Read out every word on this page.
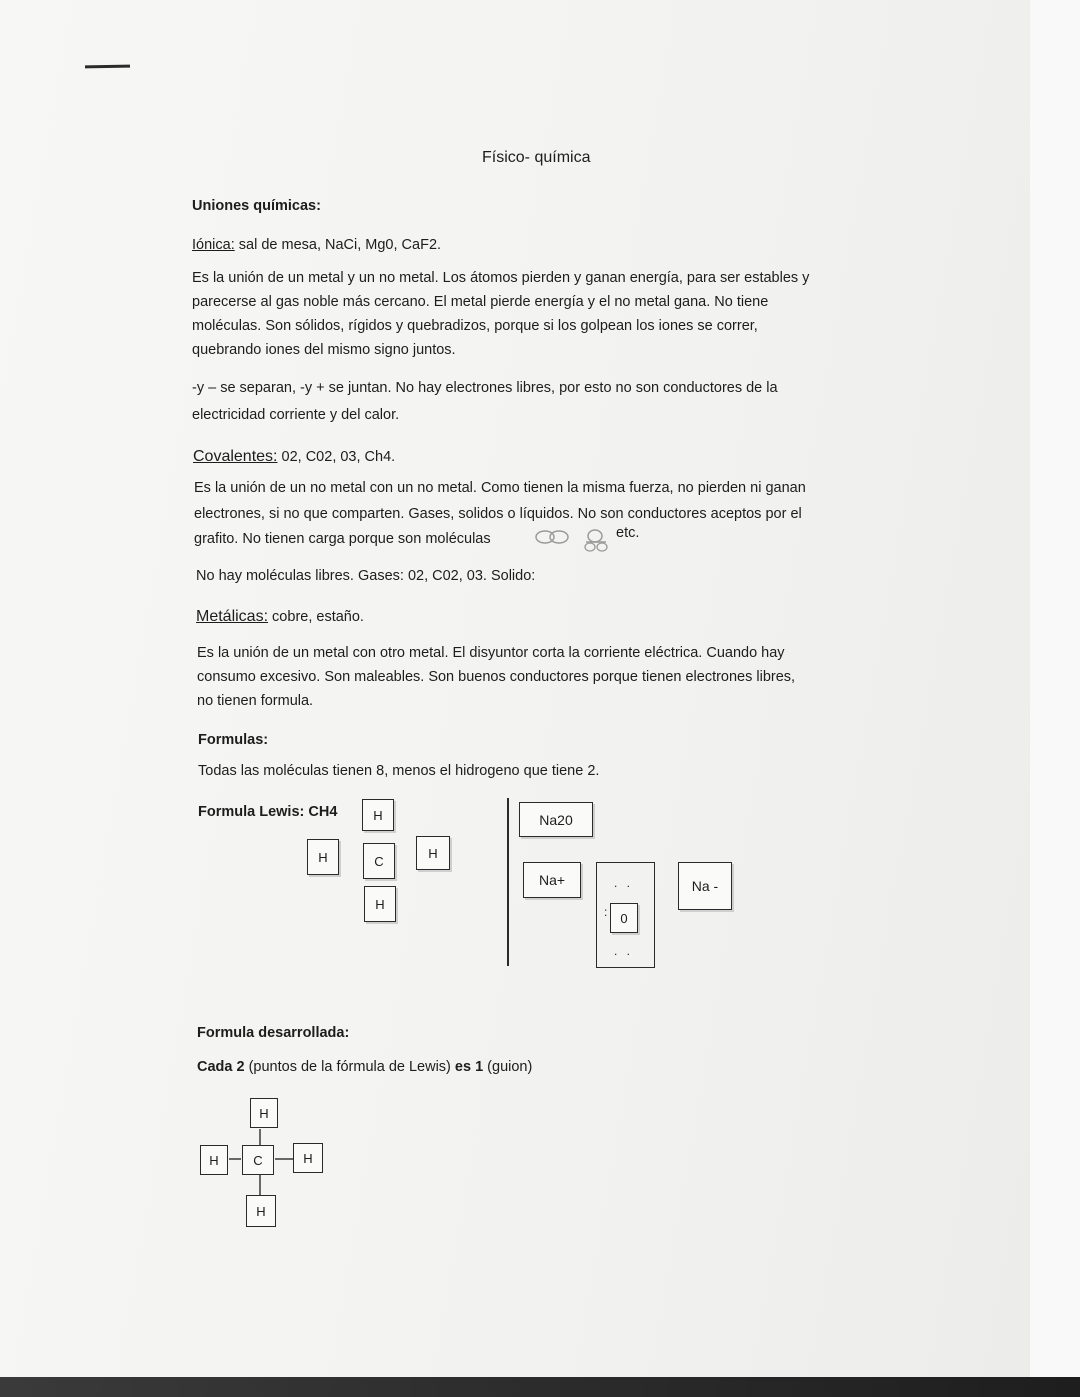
Físico- química
Uniones químicas:
Iónica: sal de mesa, NaCi, Mg0, CaF2.
Es la unión de un metal y un no metal. Los átomos pierden y ganan energía, para ser estables y
parecerse al gas noble más cercano. El metal pierde energía y el no metal gana. No tiene
moléculas. Son sólidos, rígidos y quebradizos, porque si los golpean los iones se correr,
quebrando iones del mismo signo juntos.
-y – se separan, -y + se juntan. No hay electrones libres, por esto no son conductores de la
electricidad corriente y del calor.
Covalentes: 02, C02, 03, Ch4.
Es la unión de un no metal con un no metal. Como tienen la misma fuerza, no pierden ni ganan
electrones, si no que comparten. Gases, solidos o líquidos. No son conductores aceptos por el
grafito. No tienen carga porque son moléculas	etc.
No hay moléculas libres. Gases: 02, C02, 03. Solido:
Metálicas: cobre, estaño.
Es la unión de un metal con otro metal. El disyuntor corta la corriente eléctrica. Cuando hay
consumo excesivo. Son maleables. Son buenos conductores porque tienen electrones libres,
no tienen formula.
Formulas:
Todas las moléculas tienen 8, menos el hidrogeno que tiene 2.
Formula Lewis: CH4	H
H	C
H
H
Na20
Na+	. .
0
:
. .
Na -
Formula desarrollada:
Cada 2 (puntos de la fórmula de Lewis) es 1 (guion)
H
H	C	H
H
